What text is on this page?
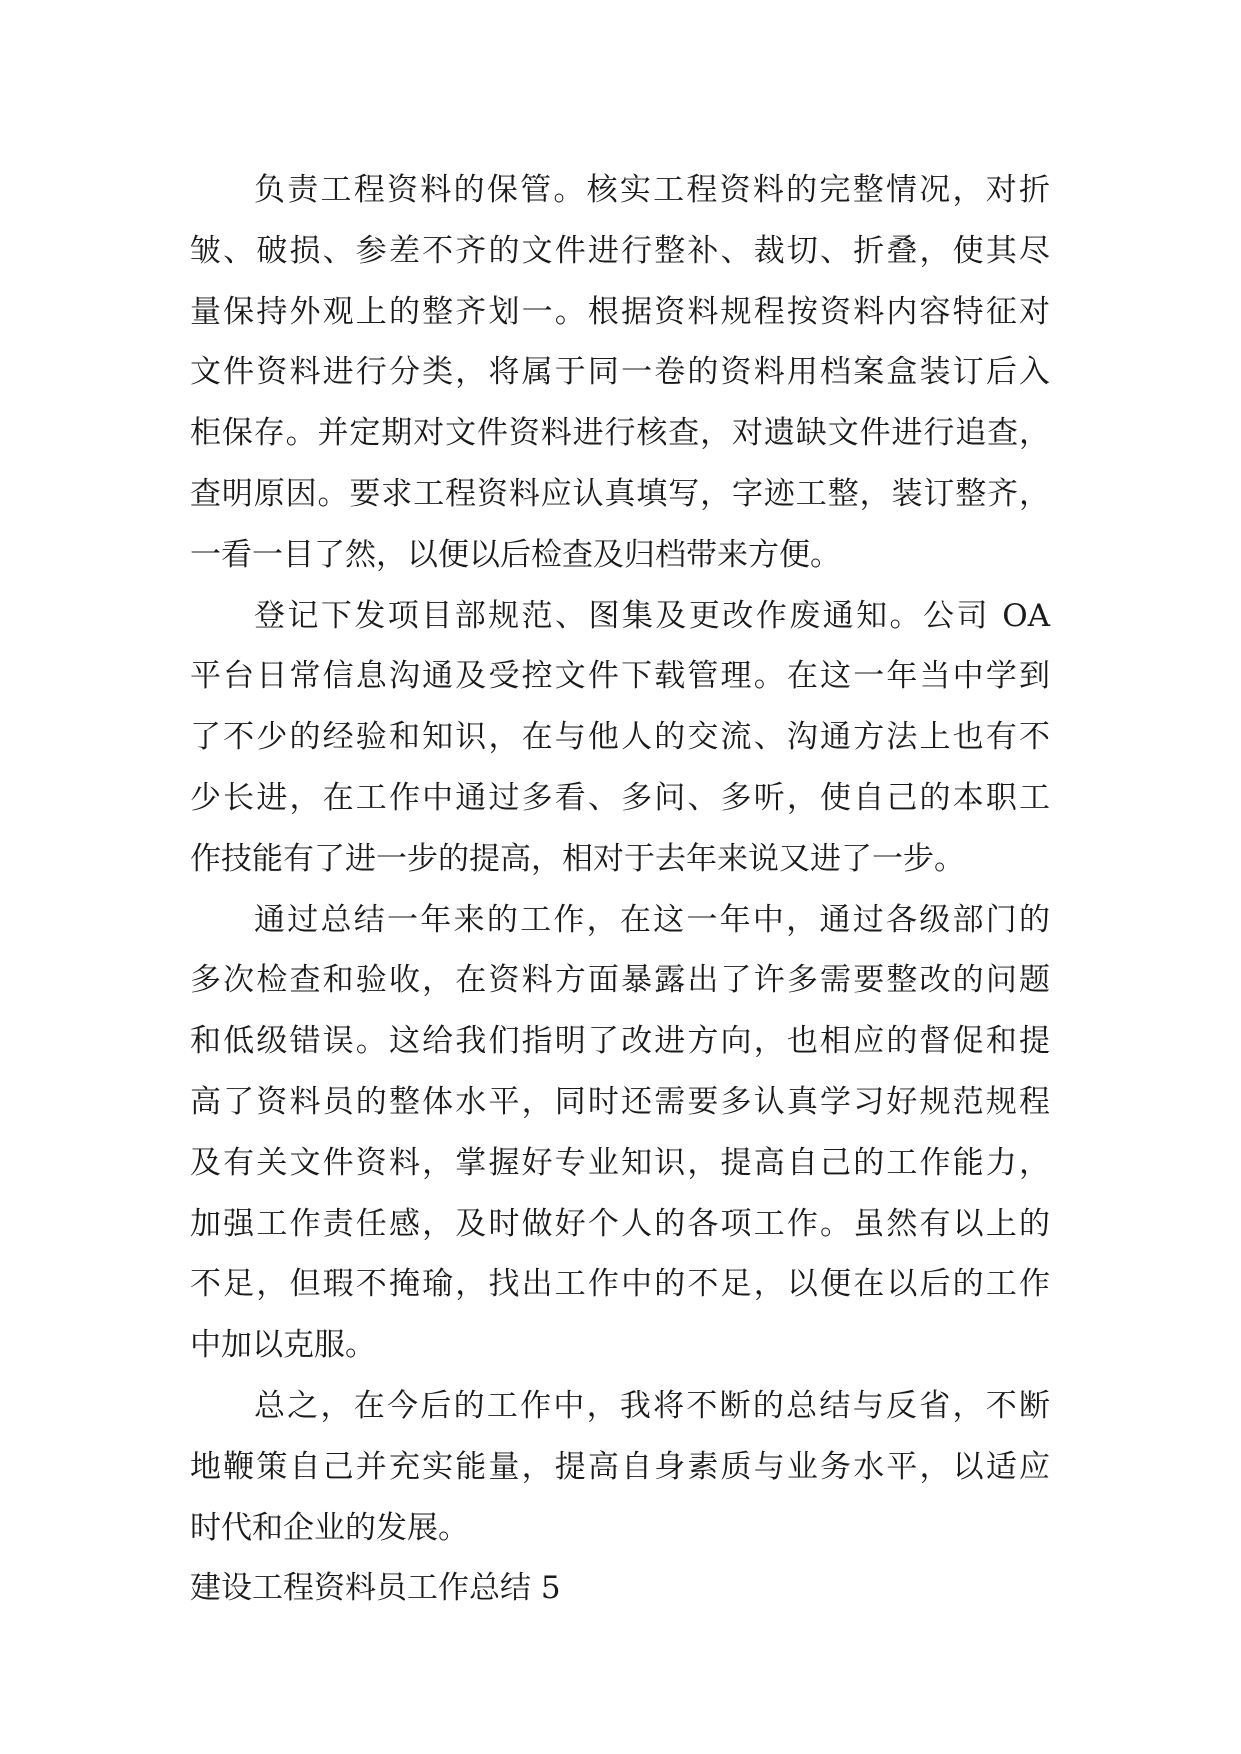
负责工程资料的保管。核实工程资料的完整情况，对折
皱、破损、参差不齐的文件进行整补、裁切、折叠，使其尽
量保持外观上的整齐划一。根据资料规程按资料内容特征对
文件资料进行分类，将属于同一卷的资料用档案盒装订后入
柜保存。并定期对文件资料进行核查，对遗缺文件进行追查，
查明原因。要求工程资料应认真填写，字迹工整，装订整齐，
一看一目了然，以便以后检查及归档带来方便。
登记下发项目部规范、图集及更改作废通知。公司 OA
平台日常信息沟通及受控文件下载管理。在这一年当中学到
了不少的经验和知识，在与他人的交流、沟通方法上也有不
少长进，在工作中通过多看、多问、多听，使自己的本职工
作技能有了进一步的提高，相对于去年来说又进了一步。
通过总结一年来的工作，在这一年中，通过各级部门的
多次检查和验收，在资料方面暴露出了许多需要整改的问题
和低级错误。这给我们指明了改进方向，也相应的督促和提
高了资料员的整体水平，同时还需要多认真学习好规范规程
及有关文件资料，掌握好专业知识，提高自己的工作能力，
加强工作责任感，及时做好个人的各项工作。虽然有以上的
不足，但瑕不掩瑜，找出工作中的不足，以便在以后的工作
中加以克服。
总之，在今后的工作中，我将不断的总结与反省，不断
地鞭策自己并充实能量，提高自身素质与业务水平，以适应
时代和企业的发展。
建设工程资料员工作总结 5
